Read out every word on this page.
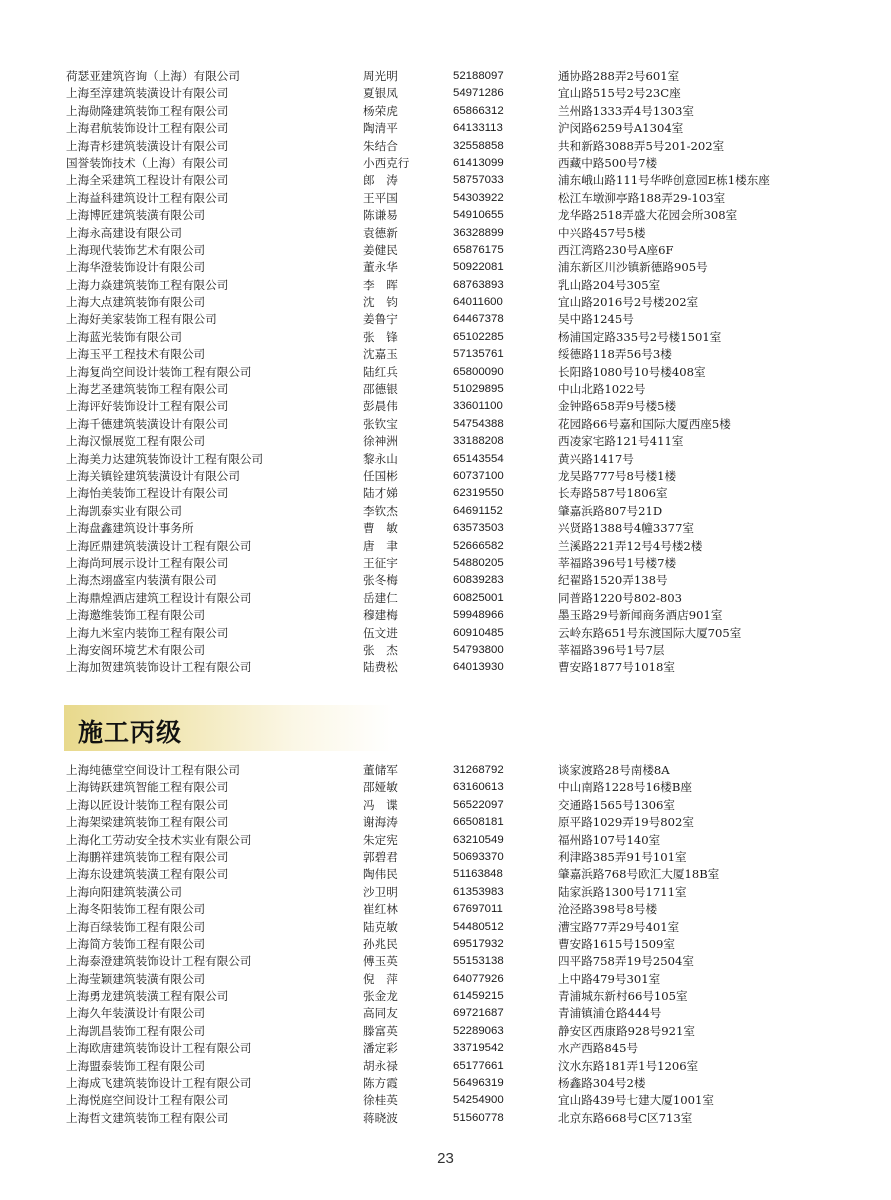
荷瑟亚建筑咨询（上海）有限公司	周光明	52188097	通协路288弄2号601室
上海至淳建筑装潢设计有限公司	夏银凤	54971286	宜山路515号2号23C座
上海勋隆建筑装饰工程有限公司	杨荣虎	65866312	兰州路1333弄4号1303室
上海君航装饰设计工程有限公司	陶清平	64133113	沪闵路6259号A1304室
上海青杉建筑装潢设计有限公司	朱结合	32558858	共和新路3088弄5号201-202室
国誉装饰技术（上海）有限公司	小西克行	61413099	西藏中路500号7楼
上海全采建筑工程设计有限公司	郎　涛	58757033	浦东峨山路111号华晔创意园E栋1楼东座
上海益科建筑设计工程有限公司	王平国	54303922	松江车墩泖亭路188弄29-103室
上海博匠建筑装潢有限公司	陈谦易	54910655	龙华路2518弄盛大花园会所308室
上海永高建设有限公司	袁德新	36328899	中兴路457号5楼
上海现代装饰艺术有限公司	姜健民	65876175	西江湾路230号A座6F
上海华澄装饰设计有限公司	董永华	50922081	浦东新区川沙镇新德路905号
上海力焱建筑装饰工程有限公司	李　晖	68763893	乳山路204号305室
上海大点建筑装饰有限公司	沈　钧	64011600	宜山路2016号2号楼202室
上海好美家装饰工程有限公司	姜鲁宁	64467378	吴中路1245号
上海蓝光装饰有限公司	张　锋	65102285	杨浦国定路335号2号楼1501室
上海玉平工程技术有限公司	沈嘉玉	57135761	绥德路118弄56号3楼
上海复尚空间设计装饰工程有限公司	陆红兵	65800090	长阳路1080号10号楼408室
上海艺圣建筑装饰工程有限公司	邵德银	51029895	中山北路1022号
上海评好装饰设计工程有限公司	彭晨伟	33601100	金钟路658弄9号楼5楼
上海千德建筑装潢设计有限公司	张钦宝	54754388	花园路66号嘉和国际大厦西座5楼
上海汉憬展览工程有限公司	徐神洲	33188208	西凌家宅路121号411室
上海美力达建筑装饰设计工程有限公司	黎永山	65143554	黄兴路1417号
上海关镇铨建筑装潢设计有限公司	任国彬	60737100	龙吴路777号8号楼1楼
上海怡美装饰工程设计有限公司	陆才娣	62319550	长寿路587号1806室
上海凯泰实业有限公司	李钦杰	64691152	肇嘉浜路807号21D
上海盘鑫建筑设计事务所	曹　敏	63573503	兴贤路1388号4幢3377室
上海匠鼎建筑装潢设计工程有限公司	唐　聿	52666582	兰溪路221弄12号4号楼2楼
上海尚珂展示设计工程有限公司	王征宇	54880205	莘福路396号1号楼7楼
上海杰翊盛室内装潢有限公司	张冬梅	60839283	纪翟路1520弄138号
上海鼎煌酒店建筑工程设计有限公司	岳建仁	60825001	同普路1220号802-803
上海邀维装饰工程有限公司	穆建梅	59948966	墨玉路29号新闻商务酒店901室
上海九米室内装饰工程有限公司	伍文进	60910485	云岭东路651号东渡国际大厦705室
上海安阁环境艺术有限公司	张　杰	54793800	莘福路396号1号7层
上海加贺建筑装饰设计工程有限公司	陆费松	64013930	曹安路1877号1018室
施工丙级
上海纯德堂空间设计工程有限公司	董储军	31268792	谈家渡路28号南楼8A
上海铸跃建筑智能工程有限公司	邵娅敏	63160613	中山南路1228号16楼B座
上海以匠设计装饰工程有限公司	冯　谍	56522097	交通路1565号1306室
上海架梁建筑装饰工程有限公司	谢海涛	66508181	原平路1029弄19号802室
上海化工劳动安全技术实业有限公司	朱定宪	63210549	福州路107号140室
上海鹏祥建筑装饰工程有限公司	郭碧君	50693370	利津路385弄91号101室
上海东设建筑装潢工程有限公司	陶伟民	51163848	肇嘉浜路768号欧汇大厦18B室
上海向阳建筑装潢公司	沙卫明	61353983	陆家浜路1300号1711室
上海冬阳装饰工程有限公司	崔红林	67697011	沧泾路398号8号楼
上海百绿装饰工程有限公司	陆克敏	54480512	漕宝路77弄29号401室
上海简方装饰工程有限公司	孙兆民	69517932	曹安路1615号1509室
上海泰澄建筑装饰设计工程有限公司	傅玉英	55153138	四平路758弄19号2504室
上海莹颖建筑装潢有限公司	倪　萍	64077926	上中路479号301室
上海勇龙建筑装潢工程有限公司	张金龙	61459215	青浦城东新村66号105室
上海久年装潢设计有限公司	高同友	69721687	青浦镇浦仓路444号
上海凯昌装饰工程有限公司	滕富英	52289063	静安区西康路928号921室
上海欧唐建筑装饰设计工程有限公司	潘定彩	33719542	水产西路845号
上海盟泰装饰工程有限公司	胡永禄	65177661	汶水东路181弄1号1206室
上海成飞建筑装饰设计工程有限公司	陈方霞	56496319	杨鑫路304号2楼
上海悦庭空间设计工程有限公司	徐桂英	54254900	宜山路439号七建大厦1001室
上海哲文建筑装饰工程有限公司	蒋晓波	51560778	北京东路668号C区713室
23
